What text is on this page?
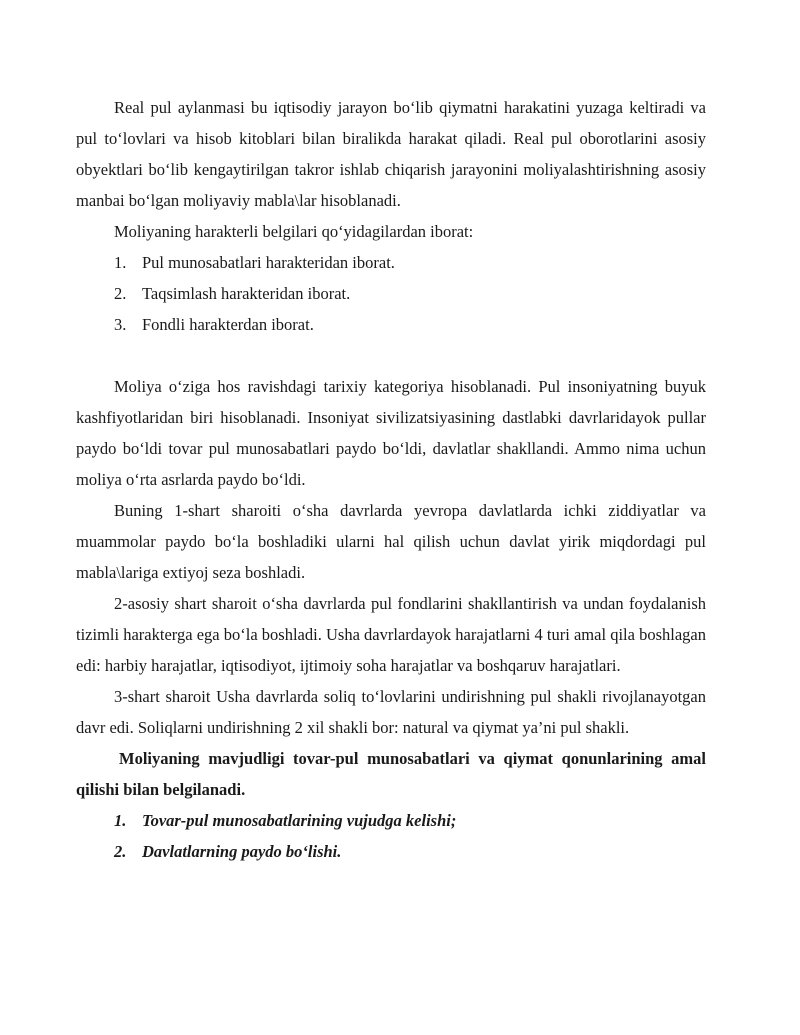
Real pul aylanmasi bu iqtisodiy jarayon bo‘lib qiymatni harakatini yuzaga keltiradi va pul to‘lovlari va hisob kitoblari bilan biralikda harakat qiladi. Real pul oborotlarini asosiy obyektlari bo‘lib kengaytirilgan takror ishlab chiqarish jarayonini moliyalashtirishning asosiy manbai bo‘lgan moliyaviy mabla\lar hisoblanadi.

Moliyaning harakterli belgilari qo‘yidagilardan iborat:

1. Pul munosabatlari harakteridan iborat.
2. Taqsimlash harakteridan iborat.
3. Fondli harakterdan iborat.

Moliya o‘ziga hos ravishdagi tarixiy kategoriya hisoblanadi. Pul insoniyatning buyuk kashfiyotlaridan biri hisoblanadi. Insoniyat sivilizatsiyasining dastlabki davrlaridayok pullar paydo bo‘ldi tovar pul munosabatlari paydo bo‘ldi, davlatlar shakllandi. Ammo nima uchun moliya o‘rta asrlarda paydo bo‘ldi.

Buning 1-shart sharoiti o‘sha davrlarda yevropa davlatlarda ichki ziddiyatlar va muammolar paydo bo‘la boshladiki ularni hal qilish uchun davlat yirik miqdordagi pul mabla\lariga extiyoj seza boshladi.

2-asosiy shart sharoit o‘sha davrlarda pul fondlarini shakllantirish va undan foydalanish tizimli harakterga ega bo‘la boshladi. Usha davrlardayok harajatlarni 4 turi amal qila boshlagan edi: harbiy harajatlar, iqtisodiyot, ijtimoiy soha harajatlar va boshqaruv harajatlari.

3-shart sharoit Usha davrlarda soliq to‘lovlarini undirishning pul shakli rivojlanayotgan davr edi. Soliqlarni undirishning 2 xil shakli bor: natural va qiymat ya’ni pul shakli.

Moliyaning mavjudligi tovar-pul munosabatlari va qiymat qonunlarining amal qilishi bilan belgilanadi.

1. Tovar-pul munosabatlarining vujudga kelishi;
2. Davlatlarning paydo bo‘lishi.
